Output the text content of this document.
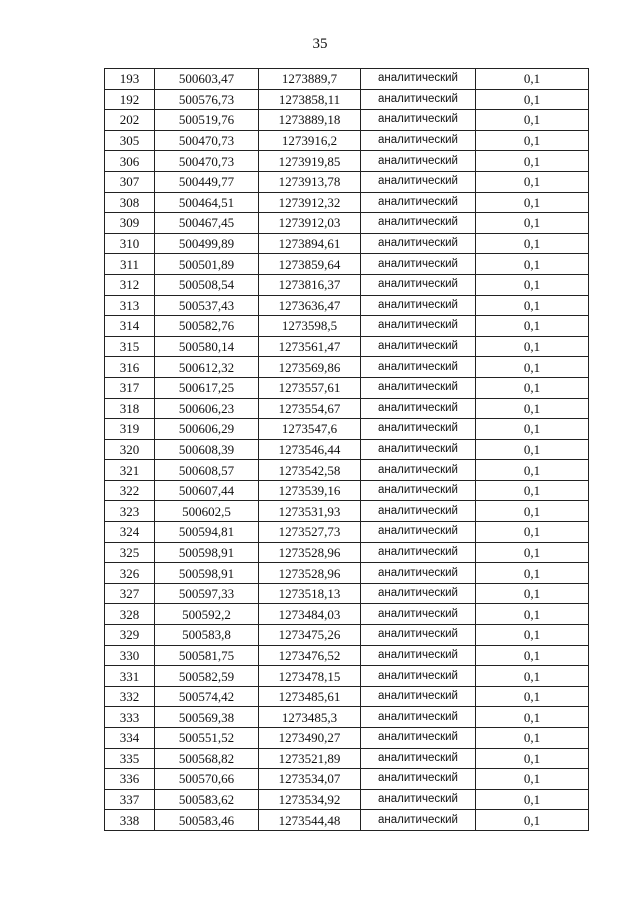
35
193	500603,47	1273889,7	аналитический	0,1
192	500576,73	1273858,11	аналитический	0,1
202	500519,76	1273889,18	аналитический	0,1
305	500470,73	1273916,2	аналитический	0,1
306	500470,73	1273919,85	аналитический	0,1
307	500449,77	1273913,78	аналитический	0,1
308	500464,51	1273912,32	аналитический	0,1
309	500467,45	1273912,03	аналитический	0,1
310	500499,89	1273894,61	аналитический	0,1
311	500501,89	1273859,64	аналитический	0,1
312	500508,54	1273816,37	аналитический	0,1
313	500537,43	1273636,47	аналитический	0,1
314	500582,76	1273598,5	аналитический	0,1
315	500580,14	1273561,47	аналитический	0,1
316	500612,32	1273569,86	аналитический	0,1
317	500617,25	1273557,61	аналитический	0,1
318	500606,23	1273554,67	аналитический	0,1
319	500606,29	1273547,6	аналитический	0,1
320	500608,39	1273546,44	аналитический	0,1
321	500608,57	1273542,58	аналитический	0,1
322	500607,44	1273539,16	аналитический	0,1
323	500602,5	1273531,93	аналитический	0,1
324	500594,81	1273527,73	аналитический	0,1
325	500598,91	1273528,96	аналитический	0,1
326	500598,91	1273528,96	аналитический	0,1
327	500597,33	1273518,13	аналитический	0,1
328	500592,2	1273484,03	аналитический	0,1
329	500583,8	1273475,26	аналитический	0,1
330	500581,75	1273476,52	аналитический	0,1
331	500582,59	1273478,15	аналитический	0,1
332	500574,42	1273485,61	аналитический	0,1
333	500569,38	1273485,3	аналитический	0,1
334	500551,52	1273490,27	аналитический	0,1
335	500568,82	1273521,89	аналитический	0,1
336	500570,66	1273534,07	аналитический	0,1
337	500583,62	1273534,92	аналитический	0,1
338	500583,46	1273544,48	аналитический	0,1
